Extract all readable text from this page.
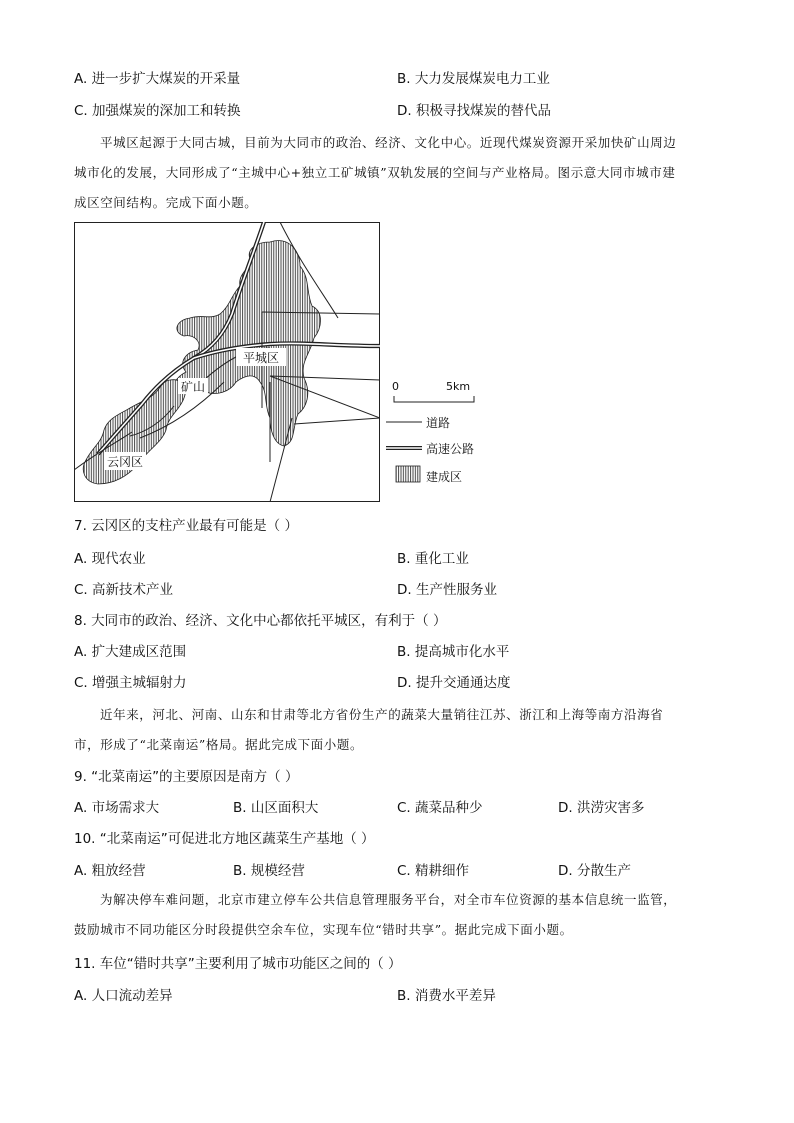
A. 进一步扩大煤炭的开采量	B. 大力发展煤炭电力工业
C. 加强煤炭的深加工和转换	D. 积极寻找煤炭的替代品
平城区起源于大同古城，目前为大同市的政治、经济、文化中心。近现代煤炭资源开采加快矿山周边
城市化的发展，大同形成了“主城中心+独立工矿城镇”双轨发展的空间与产业格局。图示意大同市城市建
成区空间结构。完成下面小题。
平城区
矿山
云冈区
0	5km
道路
高速公路
建成区
7. 云冈区的支柱产业最有可能是（ ）
A. 现代农业	B. 重化工业
C. 高新技术产业	D. 生产性服务业
8. 大同市的政治、经济、文化中心都依托平城区，有利于（ ）
A. 扩大建成区范围	B. 提高城市化水平
C. 增强主城辐射力	D. 提升交通通达度
近年来，河北、河南、山东和甘肃等北方省份生产的蔬菜大量销往江苏、浙江和上海等南方沿海省
市，形成了“北菜南运”格局。据此完成下面小题。
9. “北菜南运”的主要原因是南方（ ）
A. 市场需求大	B. 山区面积大	C. 蔬菜品种少	D. 洪涝灾害多
10. “北菜南运”可促进北方地区蔬菜生产基地（ ）
A. 粗放经营	B. 规模经营	C. 精耕细作	D. 分散生产
为解决停车难问题，北京市建立停车公共信息管理服务平台，对全市车位资源的基本信息统一监管，
鼓励城市不同功能区分时段提供空余车位，实现车位“错时共享”。据此完成下面小题。
11. 车位“错时共享”主要利用了城市功能区之间的（ ）
A. 人口流动差异	B. 消费水平差异
